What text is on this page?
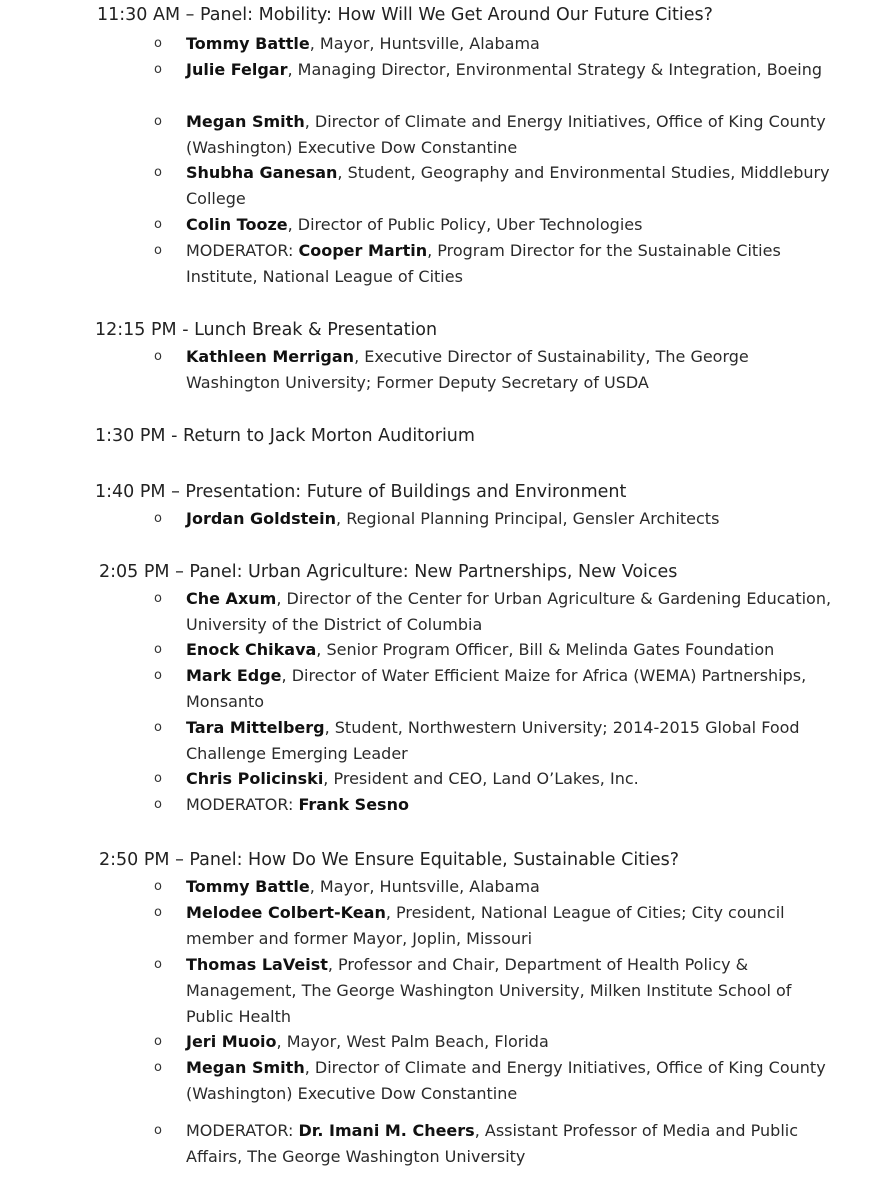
11:30 AM – Panel: Mobility: How Will We Get Around Our Future Cities?
o Tommy Battle, Mayor, Huntsville, Alabama
o Julie Felgar, Managing Director, Environmental Strategy & Integration, Boeing
o Megan Smith, Director of Climate and Energy Initiatives, Office of King County (Washington) Executive Dow Constantine
o Shubha Ganesan, Student, Geography and Environmental Studies, Middlebury College
o Colin Tooze, Director of Public Policy, Uber Technologies
o MODERATOR: Cooper Martin, Program Director for the Sustainable Cities Institute, National League of Cities
12:15 PM - Lunch Break & Presentation
o Kathleen Merrigan, Executive Director of Sustainability, The George Washington University; Former Deputy Secretary of USDA
1:30 PM - Return to Jack Morton Auditorium
1:40 PM – Presentation: Future of Buildings and Environment
o Jordan Goldstein, Regional Planning Principal, Gensler Architects
2:05 PM – Panel: Urban Agriculture: New Partnerships, New Voices
o Che Axum, Director of the Center for Urban Agriculture & Gardening Education, University of the District of Columbia
o Enock Chikava, Senior Program Officer, Bill & Melinda Gates Foundation
o Mark Edge, Director of Water Efficient Maize for Africa (WEMA) Partnerships, Monsanto
o Tara Mittelberg, Student, Northwestern University; 2014-2015 Global Food Challenge Emerging Leader
o Chris Policinski, President and CEO, Land O’Lakes, Inc.
o MODERATOR: Frank Sesno
2:50 PM – Panel: How Do We Ensure Equitable, Sustainable Cities?
o Tommy Battle, Mayor, Huntsville, Alabama
o Melodee Colbert-Kean, President, National League of Cities; City council member and former Mayor, Joplin, Missouri
o Thomas LaVeist, Professor and Chair, Department of Health Policy & Management, The George Washington University, Milken Institute School of Public Health
o Jeri Muoio, Mayor, West Palm Beach, Florida
o Megan Smith, Director of Climate and Energy Initiatives, Office of King County (Washington) Executive Dow Constantine
o MODERATOR: Dr. Imani M. Cheers, Assistant Professor of Media and Public Affairs, The George Washington University
